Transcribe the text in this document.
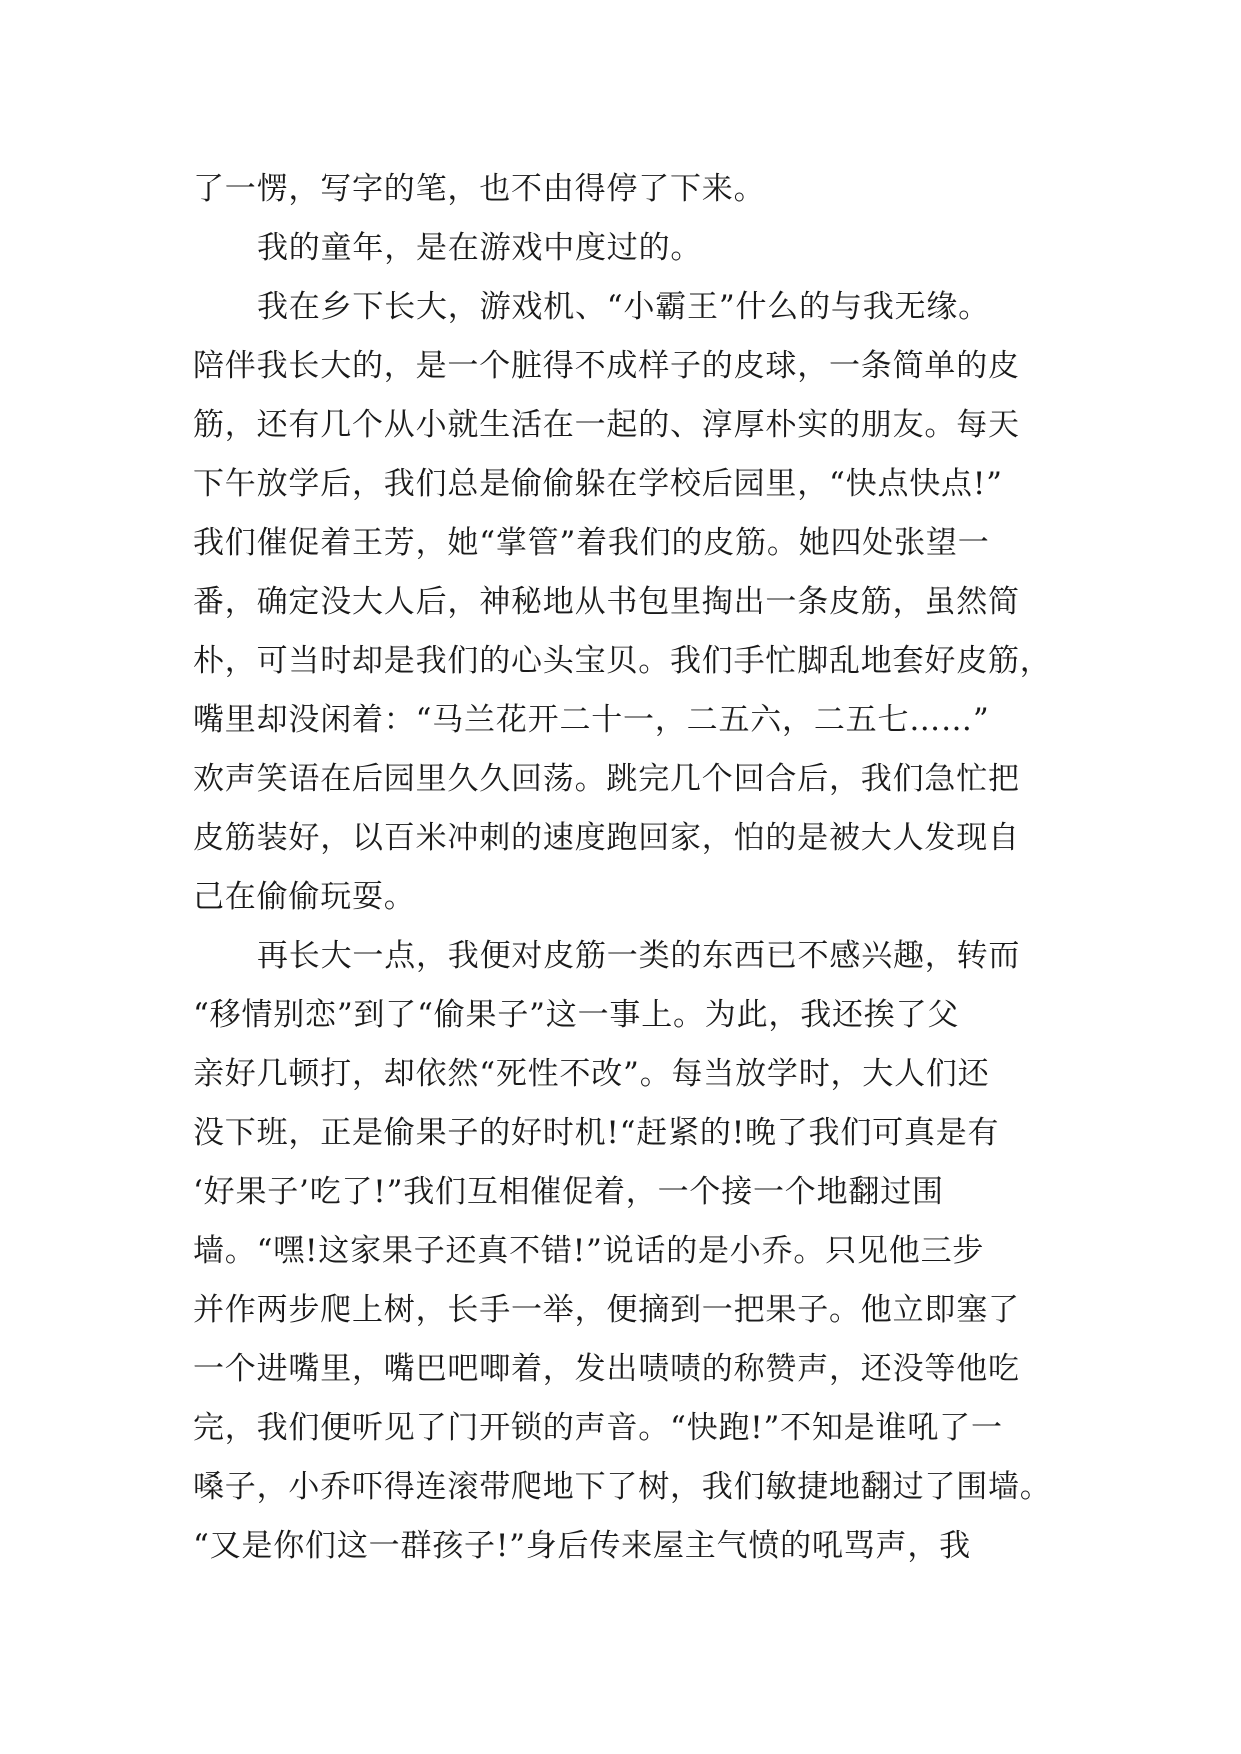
了一愣，写字的笔，也不由得停了下来。
我的童年，是在游戏中度过的。
我在乡下长大，游戏机、“小霸王”什么的与我无缘。
陪伴我长大的，是一个脏得不成样子的皮球，一条简单的皮
筋，还有几个从小就生活在一起的、淳厚朴实的朋友。每天
下午放学后，我们总是偷偷躲在学校后园里，“快点快点!”
我们催促着王芳，她“掌管”着我们的皮筋。她四处张望一
番，确定没大人后，神秘地从书包里掏出一条皮筋，虽然简
朴，可当时却是我们的心头宝贝。我们手忙脚乱地套好皮筋，
嘴里却没闲着：“马兰花开二十一，二五六，二五七……”
欢声笑语在后园里久久回荡。跳完几个回合后，我们急忙把
皮筋装好，以百米冲刺的速度跑回家，怕的是被大人发现自
己在偷偷玩耍。
再长大一点，我便对皮筋一类的东西已不感兴趣，转而
“移情别恋”到了“偷果子”这一事上。为此，我还挨了父
亲好几顿打，却依然“死性不改”。每当放学时，大人们还
没下班，正是偷果子的好时机!“赶紧的!晚了我们可真是有
‘好果子’吃了!”我们互相催促着，一个接一个地翻过围
墙。“嘿!这家果子还真不错!”说话的是小乔。只见他三步
并作两步爬上树，长手一举，便摘到一把果子。他立即塞了
一个进嘴里，嘴巴吧唧着，发出啧啧的称赞声，还没等他吃
完，我们便听见了门开锁的声音。“快跑!”不知是谁吼了一
嗓子，小乔吓得连滚带爬地下了树，我们敏捷地翻过了围墙。
“又是你们这一群孩子!”身后传来屋主气愤的吼骂声，我
